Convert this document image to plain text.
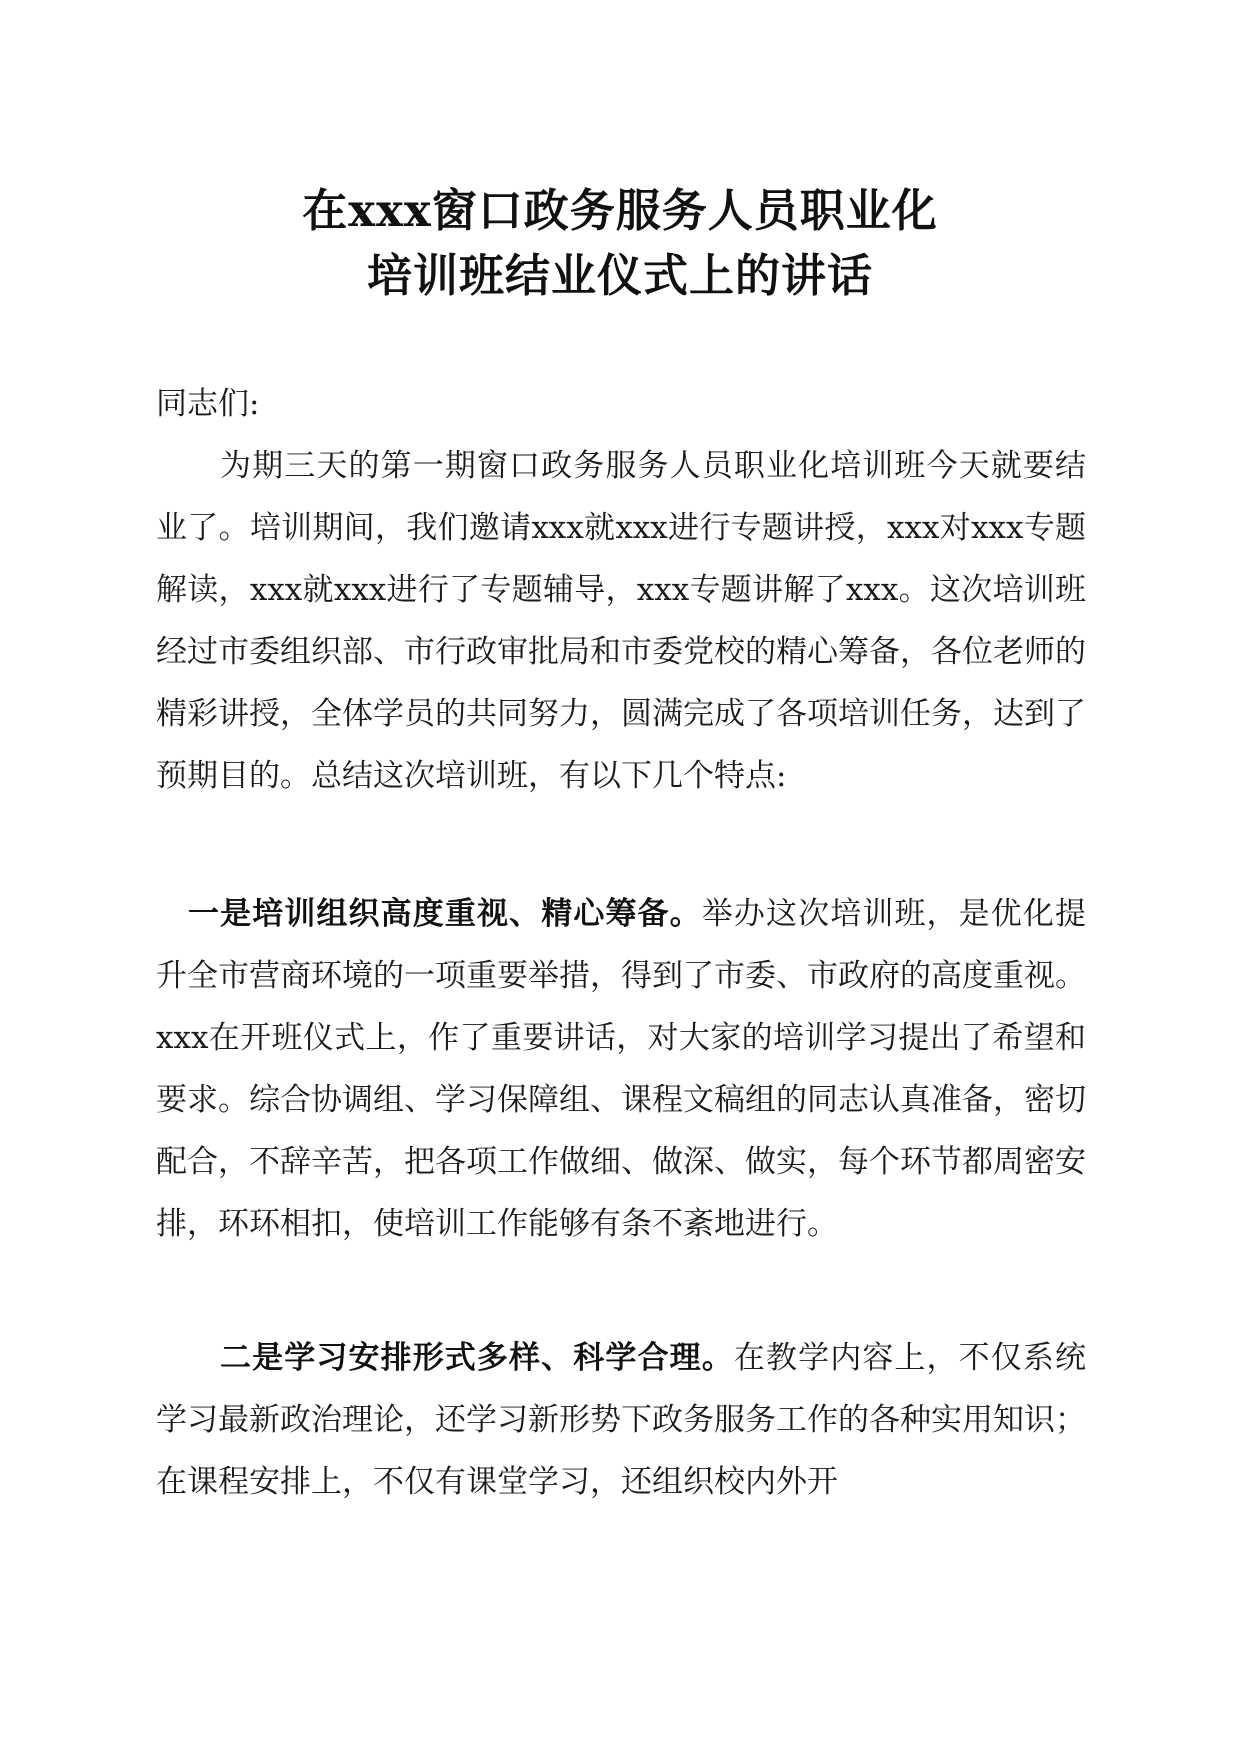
在xxx窗口政务服务人员职业化
培训班结业仪式上的讲话
同志们:

为期三天的第一期窗口政务服务人员职业化培训班今天就要结业了。培训期间，我们邀请xxx就xxx进行专题讲授，xxx对xxx专题解读，xxx就xxx进行了专题辅导，xxx专题讲解了xxx。这次培训班经过市委组织部、市行政审批局和市委党校的精心筹备，各位老师的精彩讲授，全体学员的共同努力，圆满完成了各项培训任务，达到了预期目的。总结这次培训班，有以下几个特点:

一是培训组织高度重视、精心筹备。举办这次培训班，是优化提升全市营商环境的一项重要举措，得到了市委、市政府的高度重视。xxx在开班仪式上，作了重要讲话，对大家的培训学习提出了希望和要求。综合协调组、学习保障组、课程文稿组的同志认真准备，密切配合，不辞辛苦，把各项工作做细、做深、做实，每个环节都周密安排，环环相扣，使培训工作能够有条不紊地进行。

二是学习安排形式多样、科学合理。在教学内容上，不仅系统学习最新政治理论，还学习新形势下政务服务工作的各种实用知识；在课程安排上，不仅有课堂学习，还组织校内外开
